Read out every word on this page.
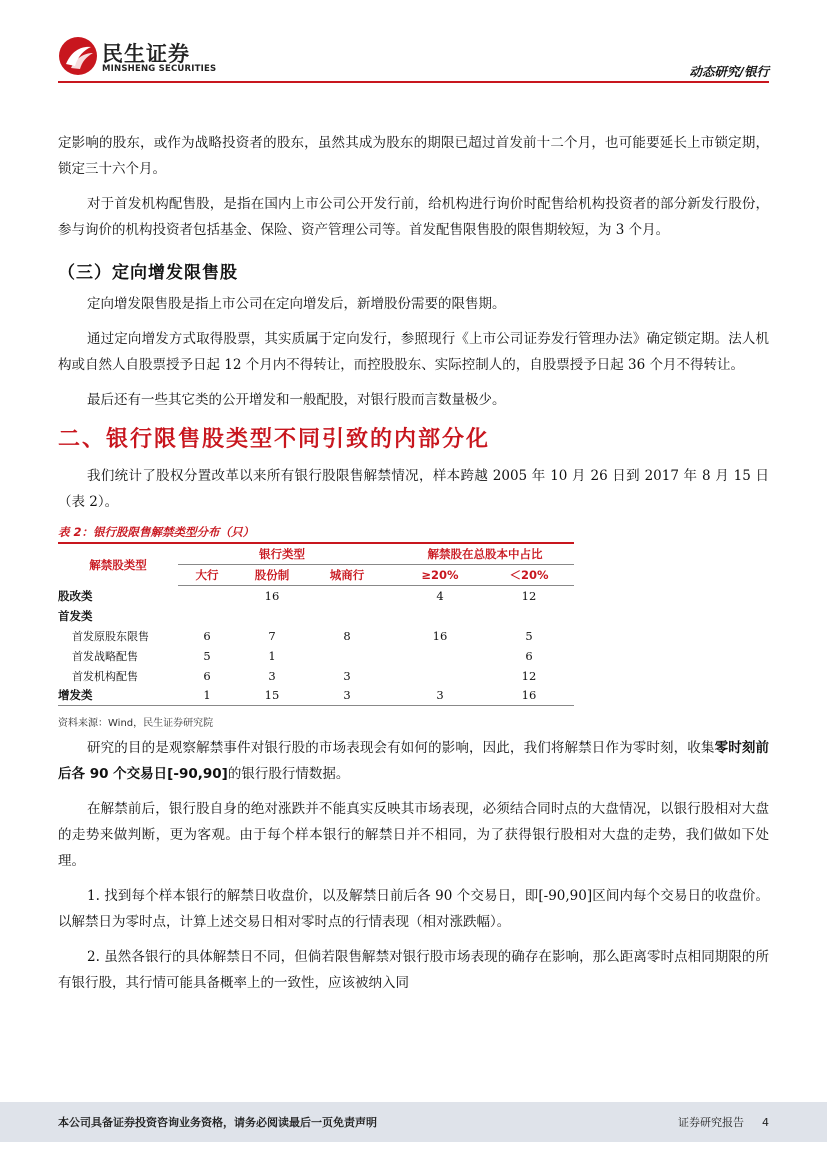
民生证券
MINSHENG SECURITIES	动态研究/银行

定影响的股东，或作为战略投资者的股东，虽然其成为股东的期限已超过首发前十二个月，也可能要延长上市锁定期，锁定三十六个月。

对于首发机构配售股，是指在国内上市公司公开发行前，给机构进行询价时配售给机构投资者的部分新发行股份，参与询价的机构投资者包括基金、保险、资产管理公司等。首发配售限售股的限售期较短，为 3 个月。

（三）定向增发限售股

定向增发限售股是指上市公司在定向增发后，新增股份需要的限售期。

通过定向增发方式取得股票，其实质属于定向发行，参照现行《上市公司证券发行管理办法》确定锁定期。法人机构或自然人自股票授予日起 12 个月内不得转让，而控股股东、实际控制人的，自股票授予日起 36 个月不得转让。

最后还有一些其它类的公开增发和一般配股，对银行股而言数量极少。

二、银行限售股类型不同引致的内部分化

我们统计了股权分置改革以来所有银行股限售解禁情况，样本跨越 2005 年 10 月 26 日到 2017 年 8 月 15 日（表 2）。

表 2：银行股限售解禁类型分布（只）
解禁股类型	银行类型				解禁股在总股本中占比	
	大行	股份制	城商行		≥20%	＜20%
股改类		16			4	12
首发类						
首发原股东限售	6	7	8		16	5
首发战略配售	5	1				6
首发机构配售	6	3	3			12
增发类	1	15	3		3	16
资料来源：Wind，民生证券研究院

研究的目的是观察解禁事件对银行股的市场表现会有如何的影响，因此，我们将解禁日作为零时刻，收集零时刻前后各 90 个交易日[-90,90]的银行股行情数据。

在解禁前后，银行股自身的绝对涨跌并不能真实反映其市场表现，必须结合同时点的大盘情况，以银行股相对大盘的走势来做判断，更为客观。由于每个样本银行的解禁日并不相同，为了获得银行股相对大盘的走势，我们做如下处理。

1. 找到每个样本银行的解禁日收盘价，以及解禁日前后各 90 个交易日，即[-90,90]区间内每个交易日的收盘价。以解禁日为零时点，计算上述交易日相对零时点的行情表现（相对涨跌幅）。

2. 虽然各银行的具体解禁日不同，但倘若限售解禁对银行股市场表现的确存在影响，那么距离零时点相同期限的所有银行股，其行情可能具备概率上的一致性，应该被纳入同

本公司具备证券投资咨询业务资格，请务必阅读最后一页免责声明	证券研究报告 4
